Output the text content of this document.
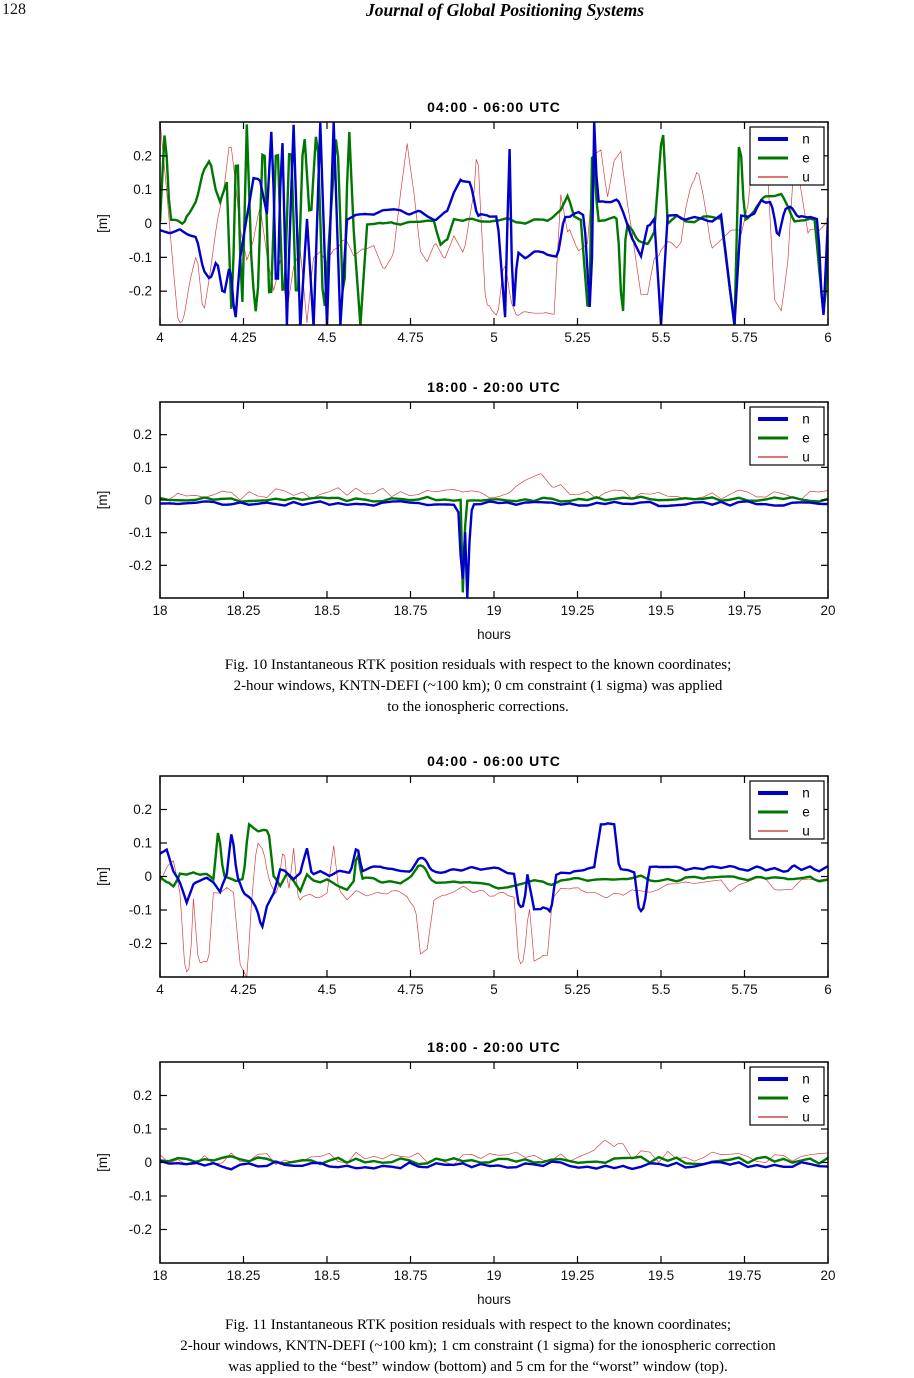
128	Journal of Global Positioning Systems
4	4.25	4.5	4.75	5	5.25	5.5	5.75	6
0.2
0.1
0
-0.1
-0.2
04:00 - 06:00 UTC
[m]
n
e
u
18	18.25	18.5	18.75	19	19.25	19.5	19.75	20
0.2
0.1
0
-0.1
-0.2
18:00 - 20:00 UTC
[m]
hours
n
e
u
4	4.25	4.5	4.75	5	5.25	5.5	5.75	6
0.2
0.1
0
-0.1
-0.2
04:00 - 06:00 UTC
[m]
n
e
u
18	18.25	18.5	18.75	19	19.25	19.5	19.75	20
0.2
0.1
0
-0.1
-0.2
18:00 - 20:00 UTC
[m]
hours
n
e
u
Fig. 10 Instantaneous RTK position residuals with respect to the known coordinates;
2-hour windows, KNTN-DEFI (~100 km); 0 cm constraint (1 sigma) was applied
to the ionospheric corrections.
Fig. 11 Instantaneous RTK position residuals with respect to the known coordinates;
2-hour windows, KNTN-DEFI (~100 km); 1 cm constraint (1 sigma) for the ionospheric correction
was applied to the “best” window (bottom) and 5 cm for the “worst” window (top).
